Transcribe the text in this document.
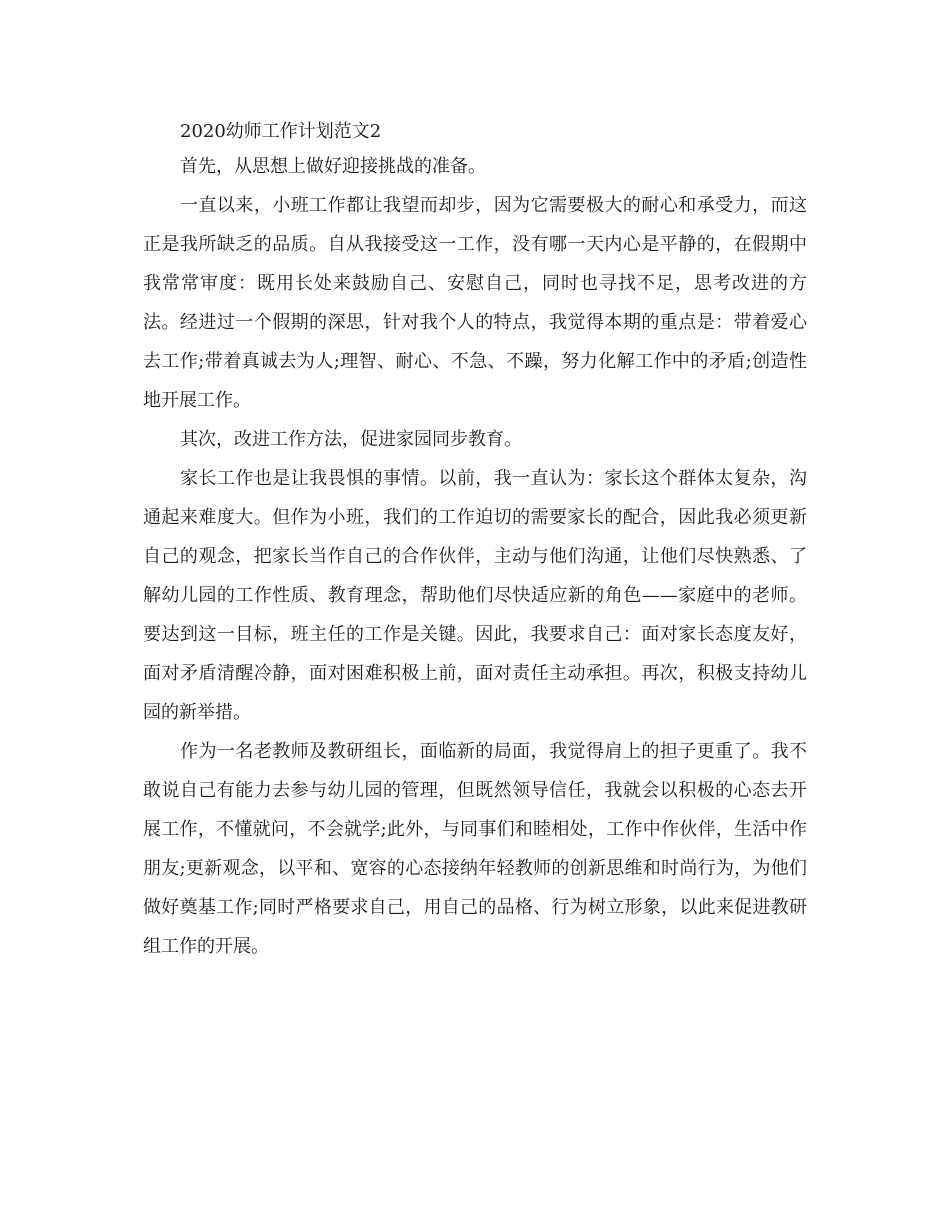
2020幼师工作计划范文2

首先，从思想上做好迎接挑战的准备。

一直以来，小班工作都让我望而却步，因为它需要极大的耐心和承受力，而这正是我所缺乏的品质。自从我接受这一工作，没有哪一天内心是平静的，在假期中我常常审度：既用长处来鼓励自己、安慰自己，同时也寻找不足，思考改进的方法。经进过一个假期的深思，针对我个人的特点，我觉得本期的重点是：带着爱心去工作;带着真诚去为人;理智、耐心、不急、不躁，努力化解工作中的矛盾;创造性地开展工作。

其次，改进工作方法，促进家园同步教育。

家长工作也是让我畏惧的事情。以前，我一直认为：家长这个群体太复杂，沟通起来难度大。但作为小班，我们的工作迫切的需要家长的配合，因此我必须更新自己的观念，把家长当作自己的合作伙伴，主动与他们沟通，让他们尽快熟悉、了解幼儿园的工作性质、教育理念，帮助他们尽快适应新的角色——家庭中的老师。要达到这一目标，班主任的工作是关键。因此，我要求自己：面对家长态度友好，面对矛盾清醒冷静，面对困难积极上前，面对责任主动承担。再次，积极支持幼儿园的新举措。

作为一名老教师及教研组长，面临新的局面，我觉得肩上的担子更重了。我不敢说自己有能力去参与幼儿园的管理，但既然领导信任，我就会以积极的心态去开展工作，不懂就问，不会就学;此外，与同事们和睦相处，工作中作伙伴，生活中作朋友;更新观念，以平和、宽容的心态接纳年轻教师的创新思维和时尚行为，为他们做好奠基工作;同时严格要求自己，用自己的品格、行为树立形象，以此来促进教研组工作的开展。
